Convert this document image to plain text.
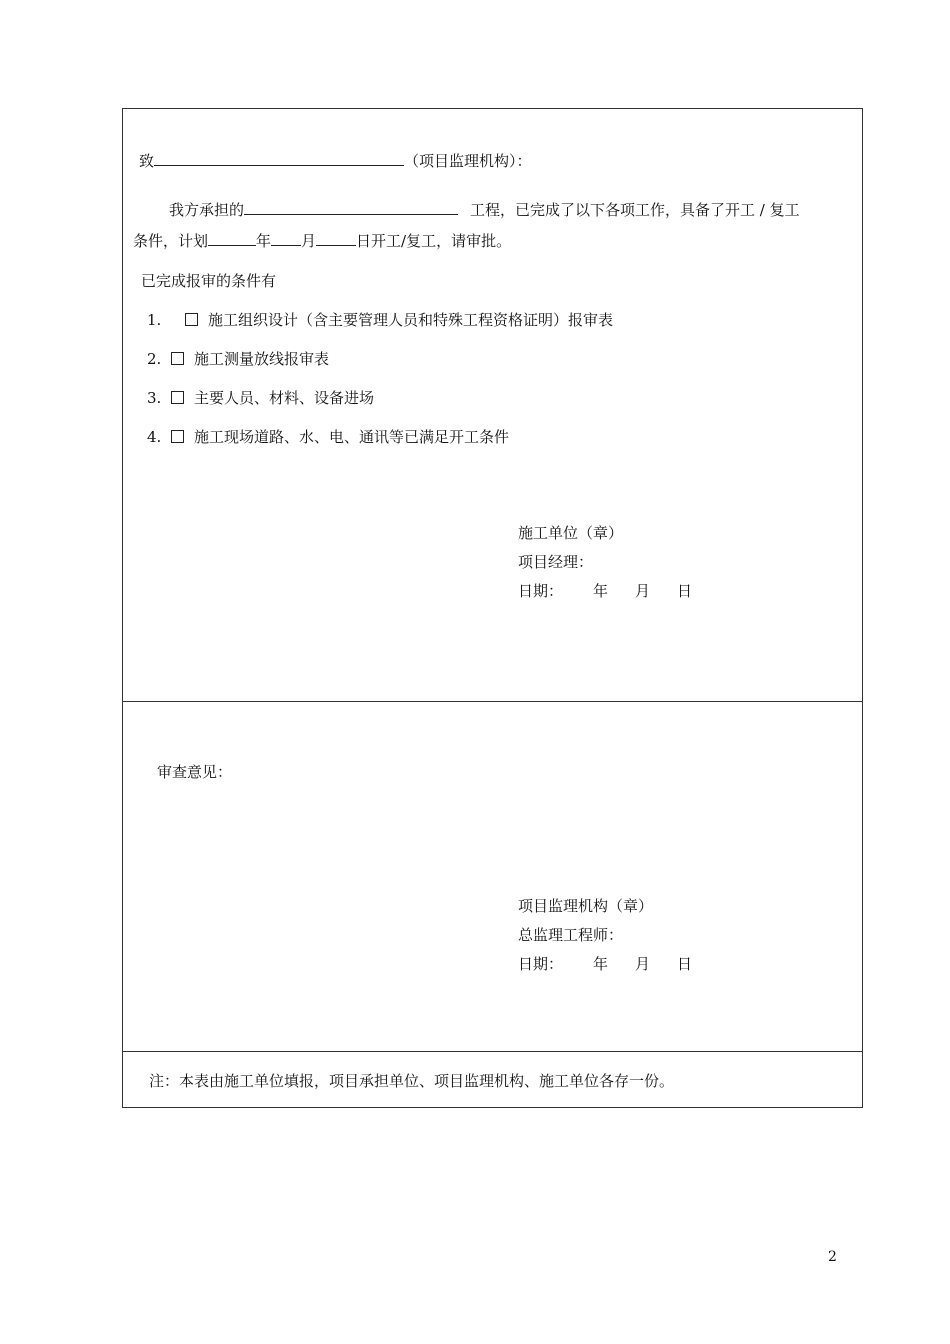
致	（项目监理机构）：
我方承担的	工程，已完成了以下各项工作，具备了开工 / 复工
条件，计划	年 月	日开工/复工，请审批。
已完成报审的条件有
1.	施工组织设计（含主要管理人员和特殊工程资格证明）报审表
2. 施工测量放线报审表
3. 主要人员、材料、设备进场
4. 施工现场道路、水、电、通讯等已满足开工条件
施工单位（章）
项目经理：
日期： 年 月 日
审查意见：
项目监理机构（章）
总监理工程师：
日期： 年 月 日
注：本表由施工单位填报，项目承担单位、项目监理机构、施工单位各存一份。
2
